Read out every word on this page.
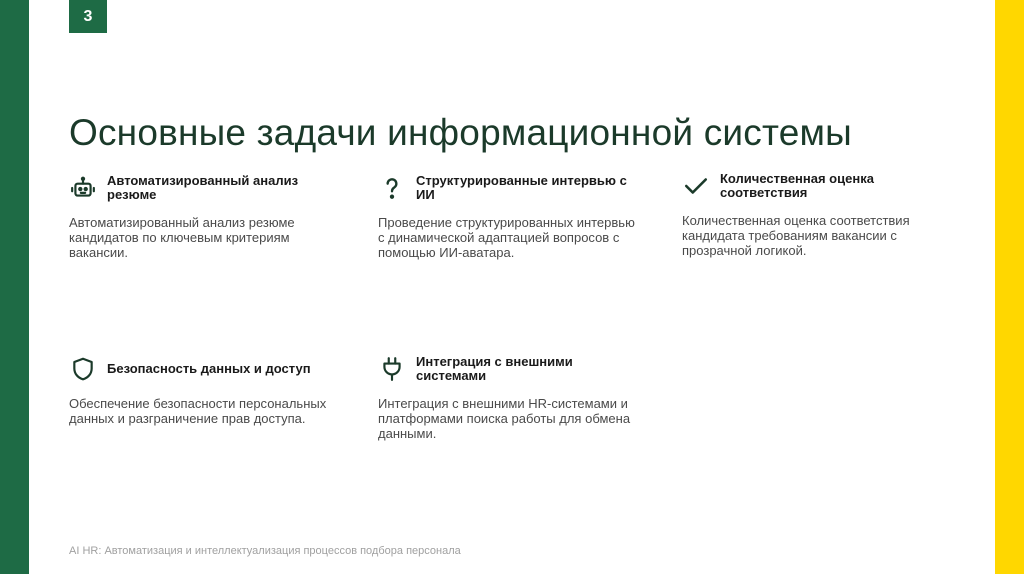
3
Основные задачи информационной системы
Автоматизированный анализ резюме
Автоматизированный анализ резюме кандидатов по ключевым критериям вакансии.
Структурированные интервью с ИИ
Проведение структурированных интервью с динамической адаптацией вопросов с помощью ИИ-аватара.
Количественная оценка соответствия
Количественная оценка соответствия кандидата требованиям вакансии с прозрачной логикой.
Безопасность данных и доступ
Обеспечение безопасности персональных данных и разграничение прав доступа.
Интеграция с внешними системами
Интеграция с внешними HR-системами и платформами поиска работы для обмена данными.
AI HR: Автоматизация и интеллектуализация процессов подбора персонала
